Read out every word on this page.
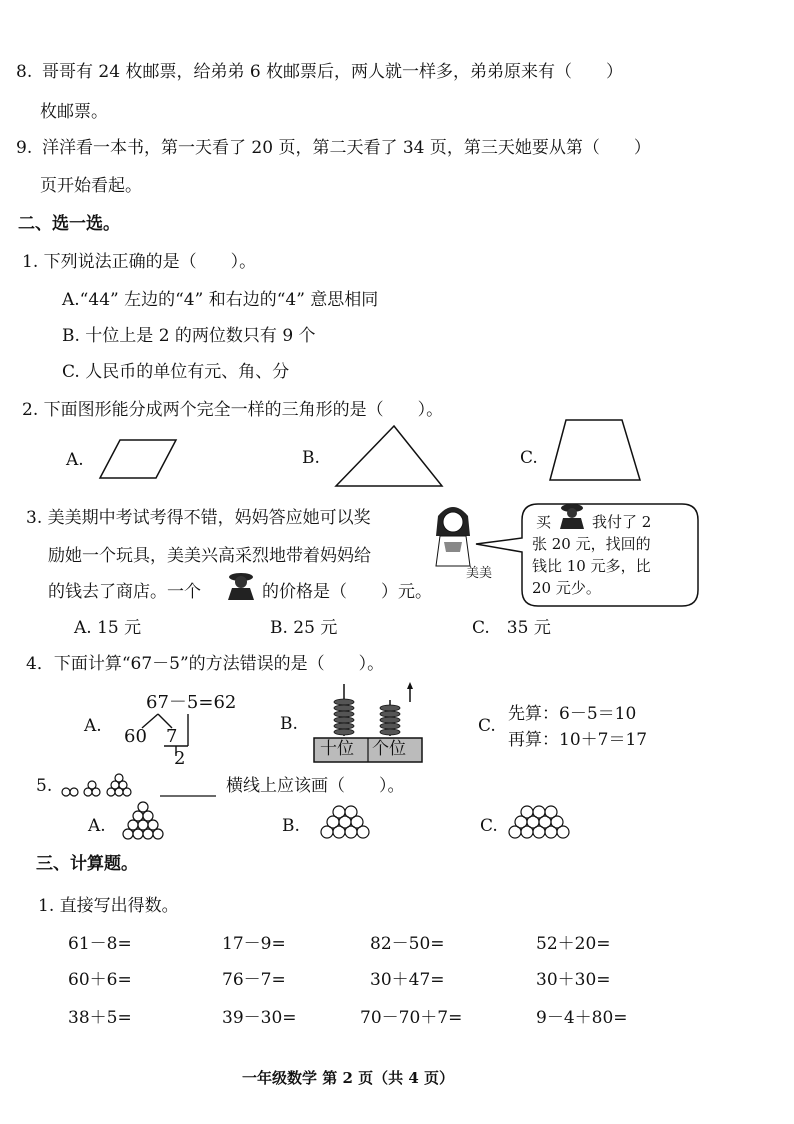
8. 哥哥有 24 枚邮票，给弟弟 6 枚邮票后，两人就一样多，弟弟原来有（　　）
枚邮票。
9. 洋洋看一本书，第一天看了 20 页，第二天看了 34 页，第三天她要从第（　　）
页开始看起。
二、选一选。
1. 下列说法正确的是（　　）。
A.“44” 左边的“4” 和右边的“4” 意思相同
B. 十位上是 2 的两位数只有 9 个
C. 人民币的单位有元、角、分
2. 下面图形能分成两个完全一样的三角形的是（　　）。
A.	B.	C.
3. 美美期中考试考得不错，妈妈答应她可以奖
励她一个玩具，美美兴高采烈地带着妈妈给
的钱去了商店。一个	的价格是（　　）元。
美美
买	我付了 2
张 20 元，找回的
钱比 10 元多，比
20 元少。
A. 15 元	B. 25 元	C.　35 元
4．下面计算“67－5”的方法错误的是（　　）。
A.
67－5=62
60 7
2
B.
十位 个位
C.
先算：6－5＝10
再算：10＋7＝17
5.	横线上应该画（　　）。
A.	B.	C.
三、计算题。
1. 直接写出得数。
61－8=	17－9=	82－50=	52＋20=
60＋6=	76－7=	30＋47=	30＋30=
38＋5=	39－30=	70－70＋7=	9－4＋80=
一年级数学 第 2 页（共 4 页）
